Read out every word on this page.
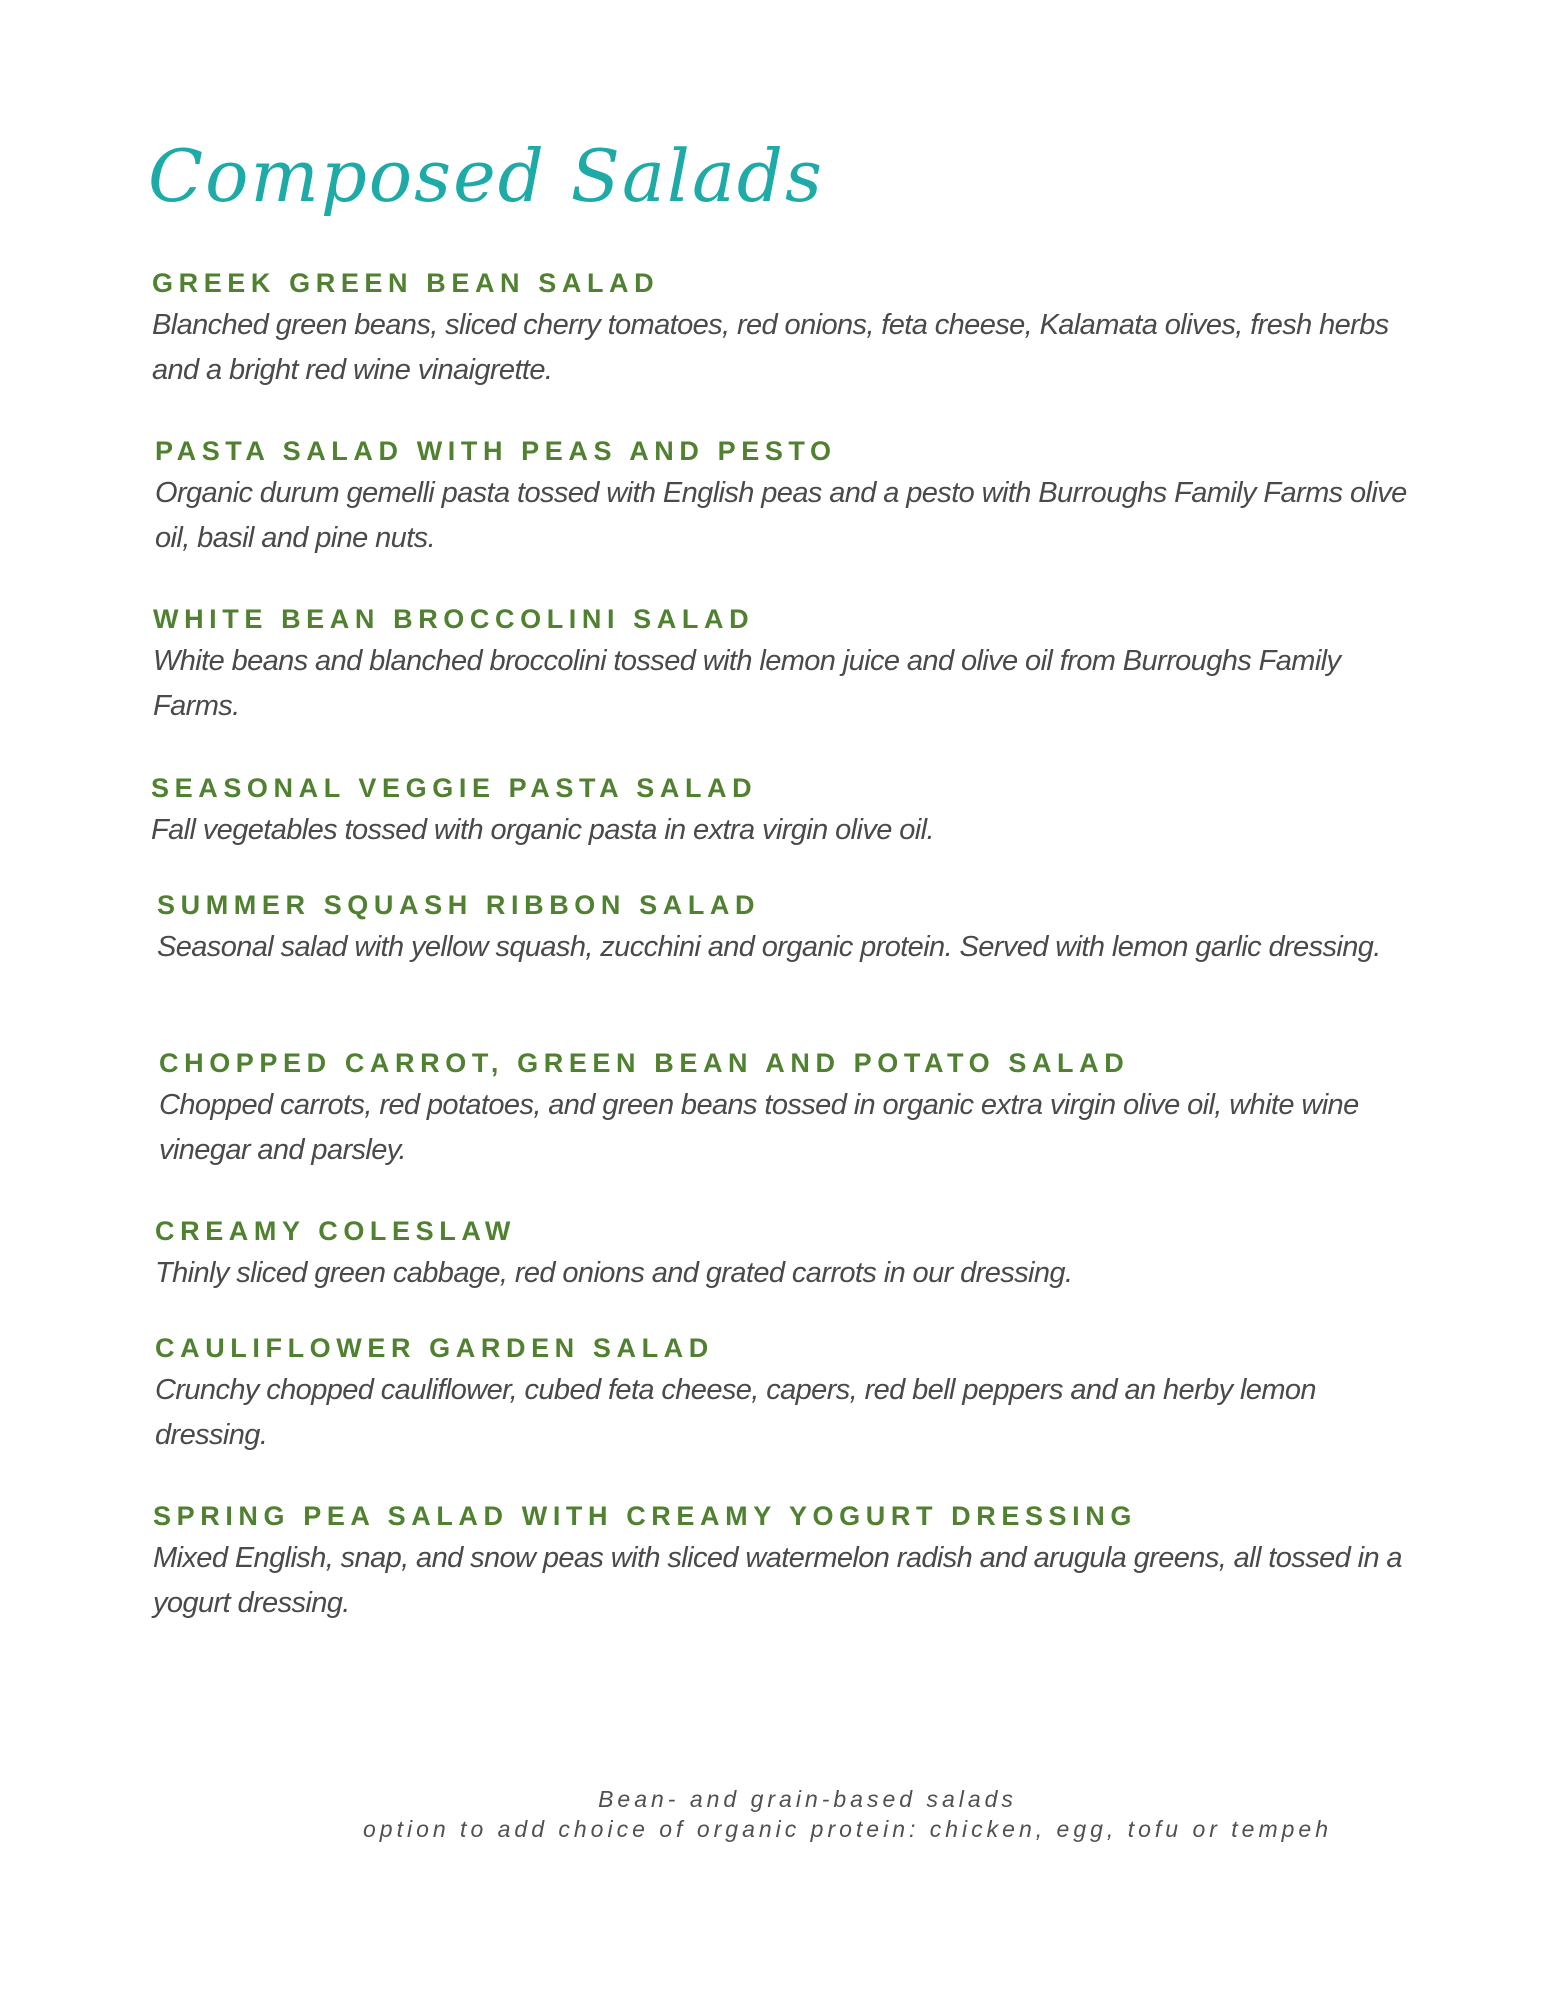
Composed Salads
GREEK GREEN BEAN SALAD

Blanched green beans, sliced cherry tomatoes, red onions, feta cheese, Kalamata olives, fresh herbs and a bright red wine vinaigrette.

PASTA SALAD WITH PEAS AND PESTO

Organic durum gemelli pasta tossed with English peas and a pesto with Burroughs Family Farms olive oil, basil and pine nuts.

WHITE BEAN BROCCOLINI SALAD

White beans and blanched broccolini tossed with lemon juice and olive oil from Burroughs Family Farms.

SEASONAL VEGGIE PASTA SALAD

Fall vegetables tossed with organic pasta in extra virgin olive oil.

SUMMER SQUASH RIBBON SALAD

Seasonal salad with yellow squash, zucchini and organic protein. Served with lemon garlic dressing.

CHOPPED CARROT, GREEN BEAN AND POTATO SALAD

Chopped carrots, red potatoes, and green beans tossed in organic extra virgin olive oil, white wine vinegar and parsley.

CREAMY COLESLAW

Thinly sliced green cabbage, red onions and grated carrots in our dressing.

CAULIFLOWER GARDEN SALAD

Crunchy chopped cauliflower, cubed feta cheese, capers, red bell peppers and an herby lemon dressing.

SPRING PEA SALAD WITH CREAMY YOGURT DRESSING

Mixed English, snap, and snow peas with sliced watermelon radish and arugula greens, all tossed in a yogurt dressing.

Bean- and grain-based salads
option to add choice of organic protein: chicken, egg, tofu or tempeh
